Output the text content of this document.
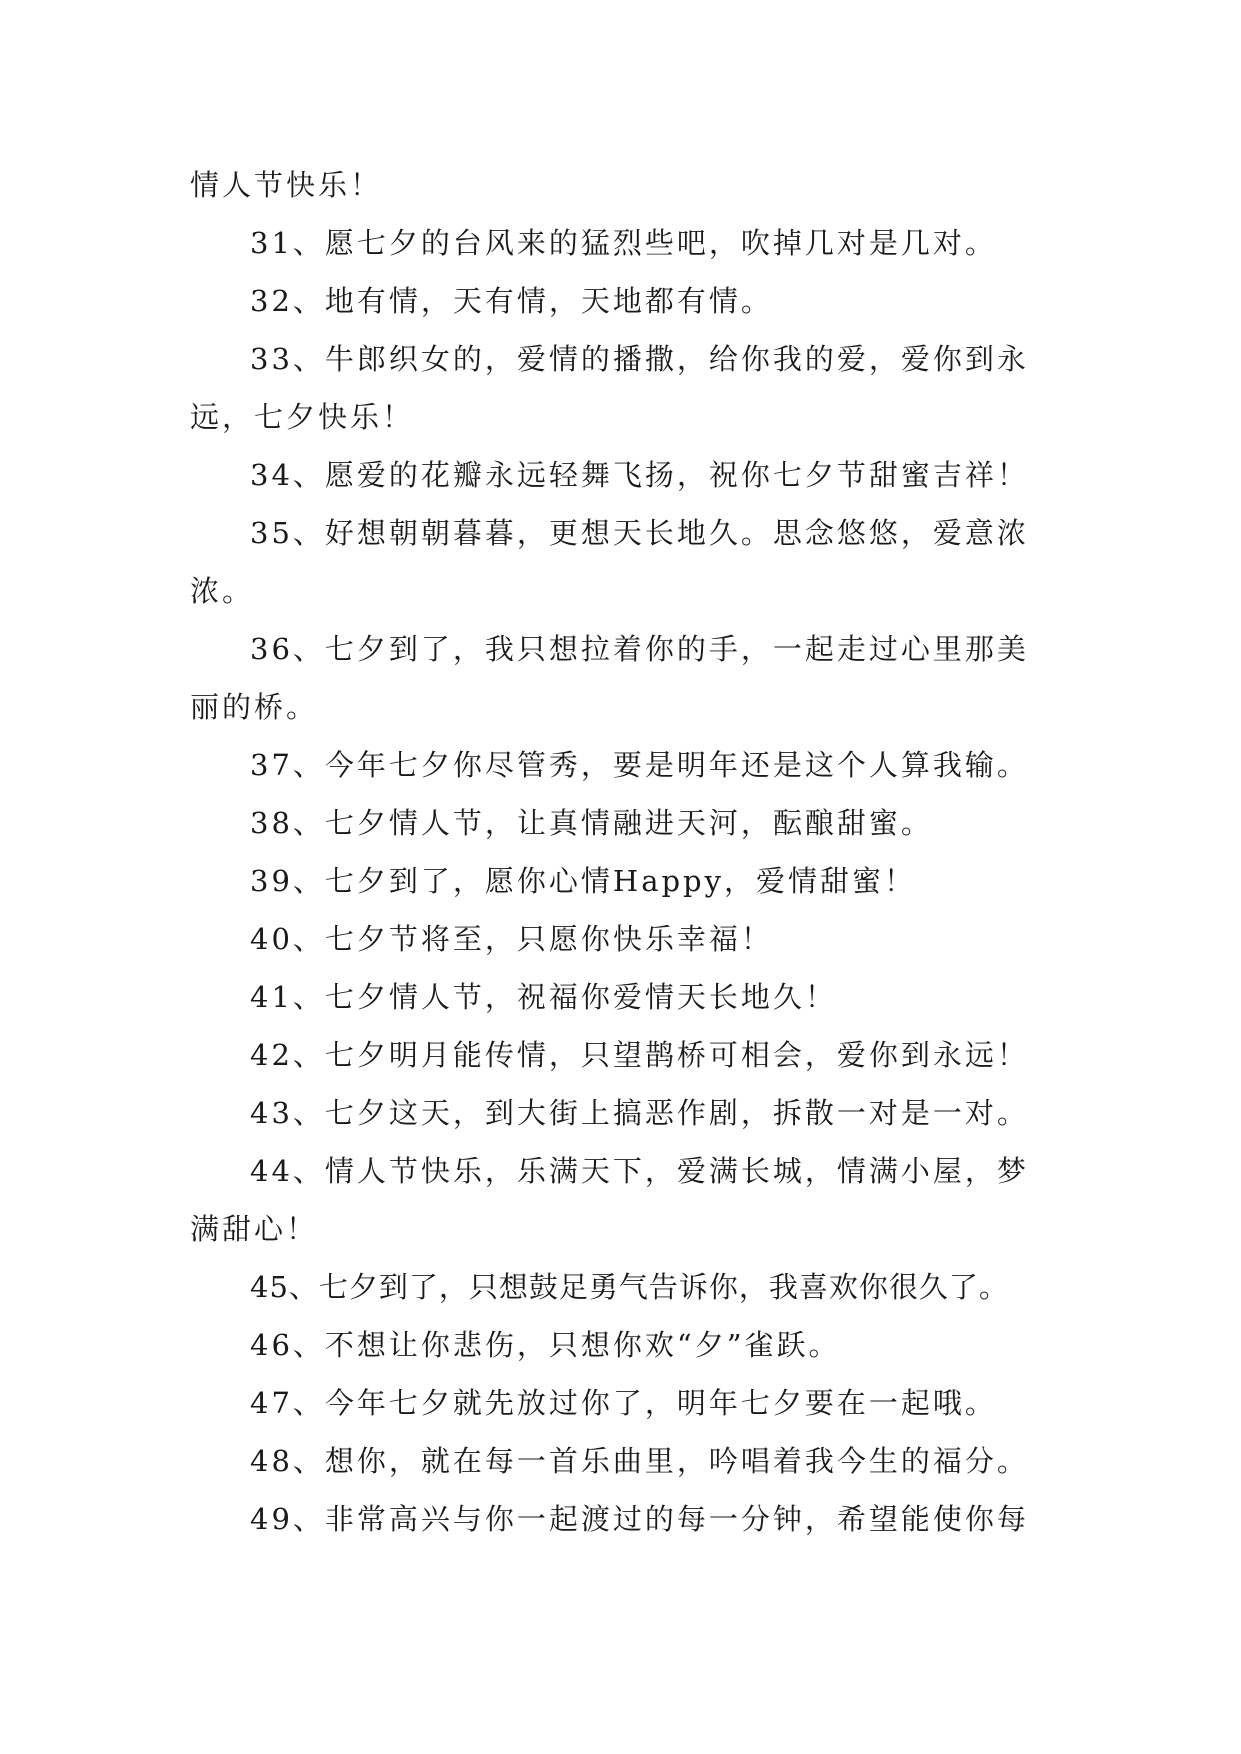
情人节快乐！
31、愿七夕的台风来的猛烈些吧，吹掉几对是几对。
32、地有情，天有情，天地都有情。
33、牛郎织女的，爱情的播撒，给你我的爱，爱你到永
远，七夕快乐！
34、愿爱的花瓣永远轻舞飞扬，祝你七夕节甜蜜吉祥！
35、好想朝朝暮暮，更想天长地久。思念悠悠，爱意浓
浓。
36、七夕到了，我只想拉着你的手，一起走过心里那美
丽的桥。
37、今年七夕你尽管秀，要是明年还是这个人算我输。
38、七夕情人节，让真情融进天河，酝酿甜蜜。
39、七夕到了，愿你心情Happy，爱情甜蜜！
40、七夕节将至，只愿你快乐幸福！
41、七夕情人节，祝福你爱情天长地久！
42、七夕明月能传情，只望鹊桥可相会，爱你到永远！
43、七夕这天，到大街上搞恶作剧，拆散一对是一对。
44、情人节快乐，乐满天下，爱满长城，情满小屋，梦
满甜心！
45、七夕到了，只想鼓足勇气告诉你，我喜欢你很久了。
46、不想让你悲伤，只想你欢“夕”雀跃。
47、今年七夕就先放过你了，明年七夕要在一起哦。
48、想你，就在每一首乐曲里，吟唱着我今生的福分。
49、非常高兴与你一起渡过的每一分钟，希望能使你每
